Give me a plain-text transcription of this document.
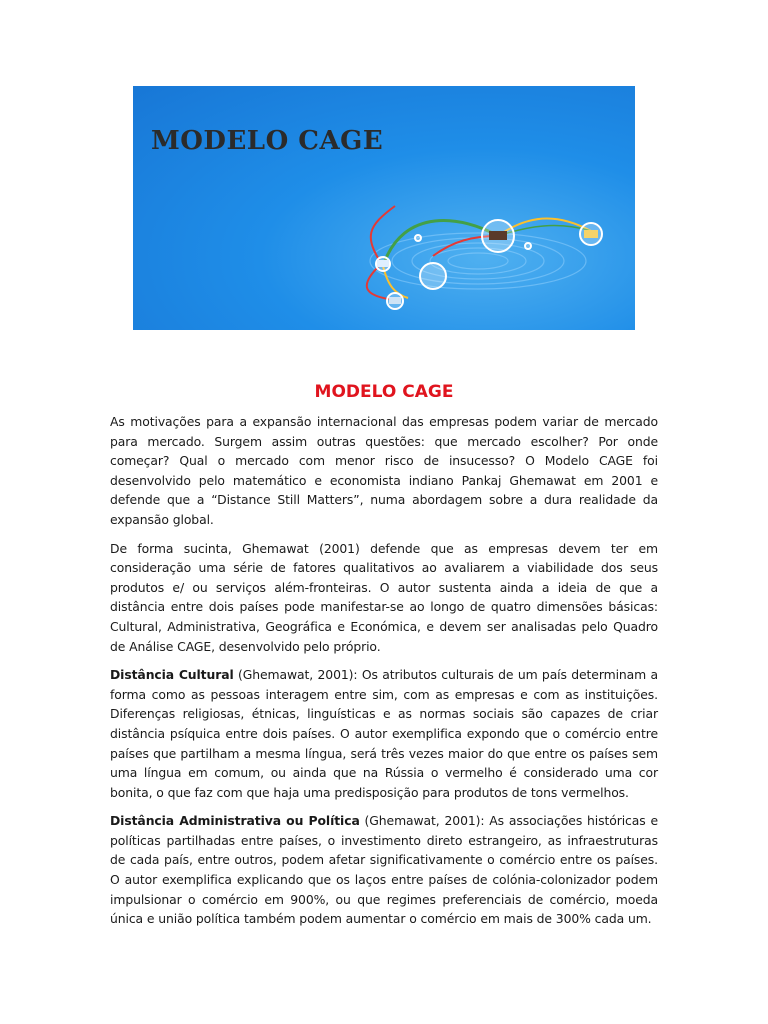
MODELO CAGE
MODELO CAGE

As motivações para a expansão internacional das empresas podem variar de mercado para mercado. Surgem assim outras questões: que mercado escolher? Por onde começar? Qual o mercado com menor risco de insucesso? O Modelo CAGE foi desenvolvido pelo matemático e economista indiano Pankaj Ghemawat em 2001 e defende que a “Distance Still Matters”, numa abordagem sobre a dura realidade da expansão global.

De forma sucinta, Ghemawat (2001) defende que as empresas devem ter em consideração uma série de fatores qualitativos ao avaliarem a viabilidade dos seus produtos e/ ou serviços além-fronteiras. O autor sustenta ainda a ideia de que a distância entre dois países pode manifestar-se ao longo de quatro dimensões básicas: Cultural, Administrativa, Geográfica e Económica, e devem ser analisadas pelo Quadro de Análise CAGE, desenvolvido pelo próprio.

Distância Cultural (Ghemawat, 2001): Os atributos culturais de um país determinam a forma como as pessoas interagem entre sim, com as empresas e com as instituições. Diferenças religiosas, étnicas, linguísticas e as normas sociais são capazes de criar distância psíquica entre dois países. O autor exemplifica expondo que o comércio entre países que partilham a mesma língua, será três vezes maior do que entre os países sem uma língua em comum, ou ainda que na Rússia o vermelho é considerado uma cor bonita, o que faz com que haja uma predisposição para produtos de tons vermelhos.

Distância Administrativa ou Política (Ghemawat, 2001): As associações históricas e políticas partilhadas entre países, o investimento direto estrangeiro, as infraestruturas de cada país, entre outros, podem afetar significativamente o comércio entre os países. O autor exemplifica explicando que os laços entre países de colónia-colonizador podem impulsionar o comércio em 900%, ou que regimes preferenciais de comércio, moeda única e união política também podem aumentar o comércio em mais de 300% cada um.
